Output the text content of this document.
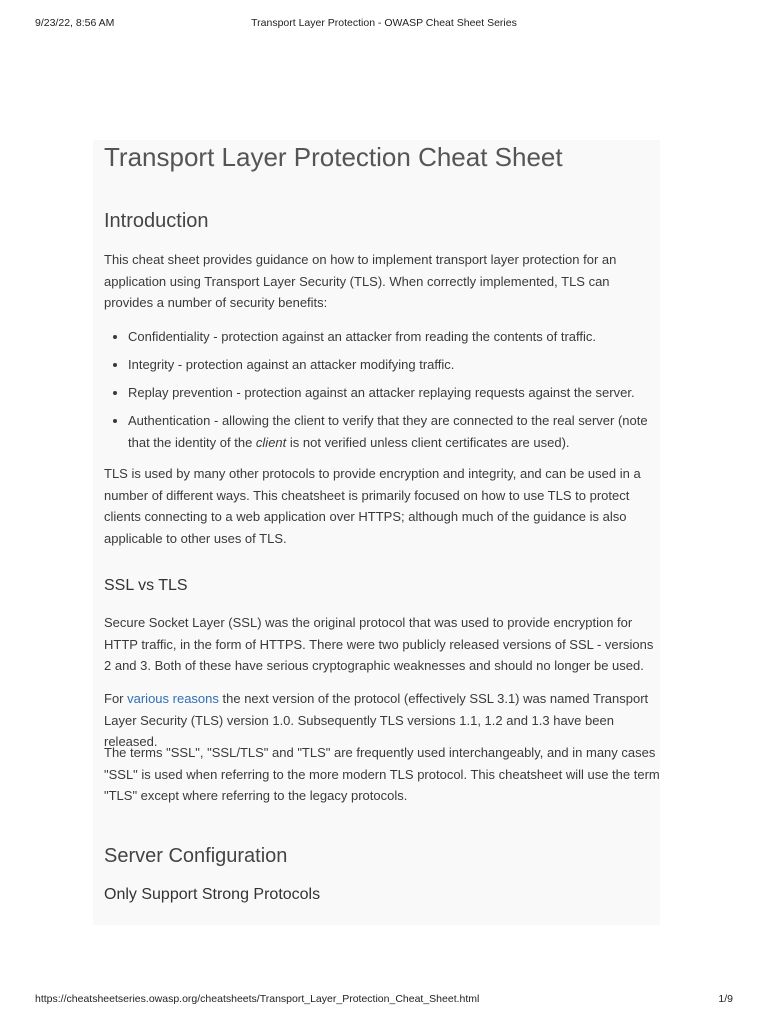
9/23/22, 8:56 AM	Transport Layer Protection - OWASP Cheat Sheet Series
Transport Layer Protection Cheat Sheet
Introduction

This cheat sheet provides guidance on how to implement transport layer protection for an application using Transport Layer Security (TLS). When correctly implemented, TLS can provides a number of security benefits:

Confidentiality - protection against an attacker from reading the contents of traffic.
Integrity - protection against an attacker modifying traffic.
Replay prevention - protection against an attacker replaying requests against the server.
Authentication - allowing the client to verify that they are connected to the real server (note that the identity of the client is not verified unless client certificates are used).

TLS is used by many other protocols to provide encryption and integrity, and can be used in a number of different ways. This cheatsheet is primarily focused on how to use TLS to protect clients connecting to a web application over HTTPS; although much of the guidance is also applicable to other uses of TLS.

SSL vs TLS

Secure Socket Layer (SSL) was the original protocol that was used to provide encryption for HTTP traffic, in the form of HTTPS. There were two publicly released versions of SSL - versions 2 and 3. Both of these have serious cryptographic weaknesses and should no longer be used.

For various reasons the next version of the protocol (effectively SSL 3.1) was named Transport Layer Security (TLS) version 1.0. Subsequently TLS versions 1.1, 1.2 and 1.3 have been released.

The terms "SSL", "SSL/TLS" and "TLS" are frequently used interchangeably, and in many cases "SSL" is used when referring to the more modern TLS protocol. This cheatsheet will use the term "TLS" except where referring to the legacy protocols.

Server Configuration
Only Support Strong Protocols
https://cheatsheetseries.owasp.org/cheatsheets/Transport_Layer_Protection_Cheat_Sheet.html	1/9
